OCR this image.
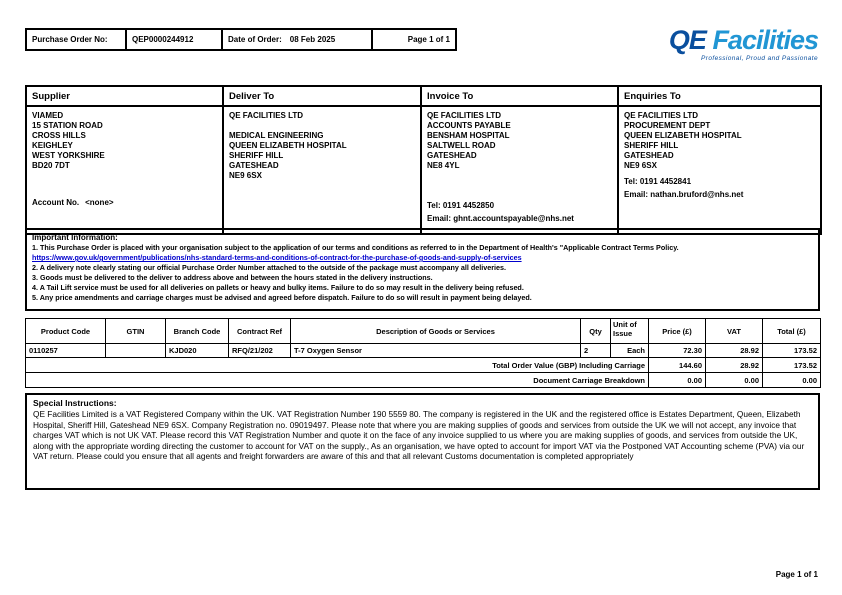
Purchase Order No:	QEP0000244912	Date of Order: 08 Feb 2025	Page 1 of 1	QE Facilities
Professional, Proud and Passionate
Supplier	Deliver To	Invoice To	Enquiries To

VIAMED
15 STATION ROAD
CROSS HILLS
KEIGHLEY
WEST YORKSHIRE
BD20 7DT
Account No. <none>

QE FACILITIES LTD
MEDICAL ENGINEERING
QUEEN ELIZABETH HOSPITAL
SHERIFF HILL
GATESHEAD
NE9 6SX

QE FACILITIES LTD
ACCOUNTS PAYABLE
BENSHAM HOSPITAL
SALTWELL ROAD
GATESHEAD
NE8 4YL
Tel: 0191 4452850
Email: ghnt.accountspayable@nhs.net

QE FACILITIES LTD
PROCUREMENT DEPT
QUEEN ELIZABETH HOSPITAL
SHERIFF HILL
GATESHEAD
NE9 6SX
Tel: 0191 4452841
Email: nathan.bruford@nhs.net
Important Information:
1. This Purchase Order is placed with your organisation subject to the application of our terms and conditions as referred to in the Department of Health's "Applicable Contract Terms Policy.
https://www.gov.uk/government/publications/nhs-standard-terms-and-conditions-of-contract-for-the-purchase-of-goods-and-supply-of-services
2. A delivery note clearly stating our official Purchase Order Number attached to the outside of the package must accompany all deliveries.
3. Goods must be delivered to the deliver to address above and between the hours stated in the delivery instructions.
4. A Tail Lift service must be used for all deliveries on pallets or heavy and bulky items. Failure to do so may result in the delivery being refused.
5. Any price amendments and carriage charges must be advised and agreed before dispatch. Failure to do so will result in payment being delayed.
Product Code	GTIN	Branch Code	Contract Ref	Description of Goods or Services	Qty	Unit of Issue	Price (£)	VAT	Total (£)
0110257		KJD020	RFQ/21/202	T-7 Oxygen Sensor	2	Each	72.30	28.92	173.52
Total Order Value (GBP) Including Carriage							144.60	28.92	173.52
Document Carriage Breakdown							0.00	0.00	0.00
Special Instructions:
QE Facilities Limited is a VAT Registered Company within the UK. VAT Registration Number 190 5559 80. The company is registered in the UK and the registered office is Estates Department, Queen, Elizabeth Hospital, Sheriff Hill, Gateshead NE9 6SX. Company Registration no. 09019497. Please note that where you are making supplies of goods and services from outside the UK we will not accept, any invoice that charges VAT which is not UK VAT. Please record this VAT Registration Number and quote it on the face of any invoice supplied to us where you are making supplies of goods, and services from outside the UK, along with the appropriate wording directing the customer to account for VAT on the supply., As an organisation, we have opted to account for import VAT via the Postponed VAT Accounting scheme (PVA) via our VAT return. Please could you ensure that all agents and freight forwarders are aware of this and that all relevant Customs documentation is completed appropriately
Page 1 of 1
